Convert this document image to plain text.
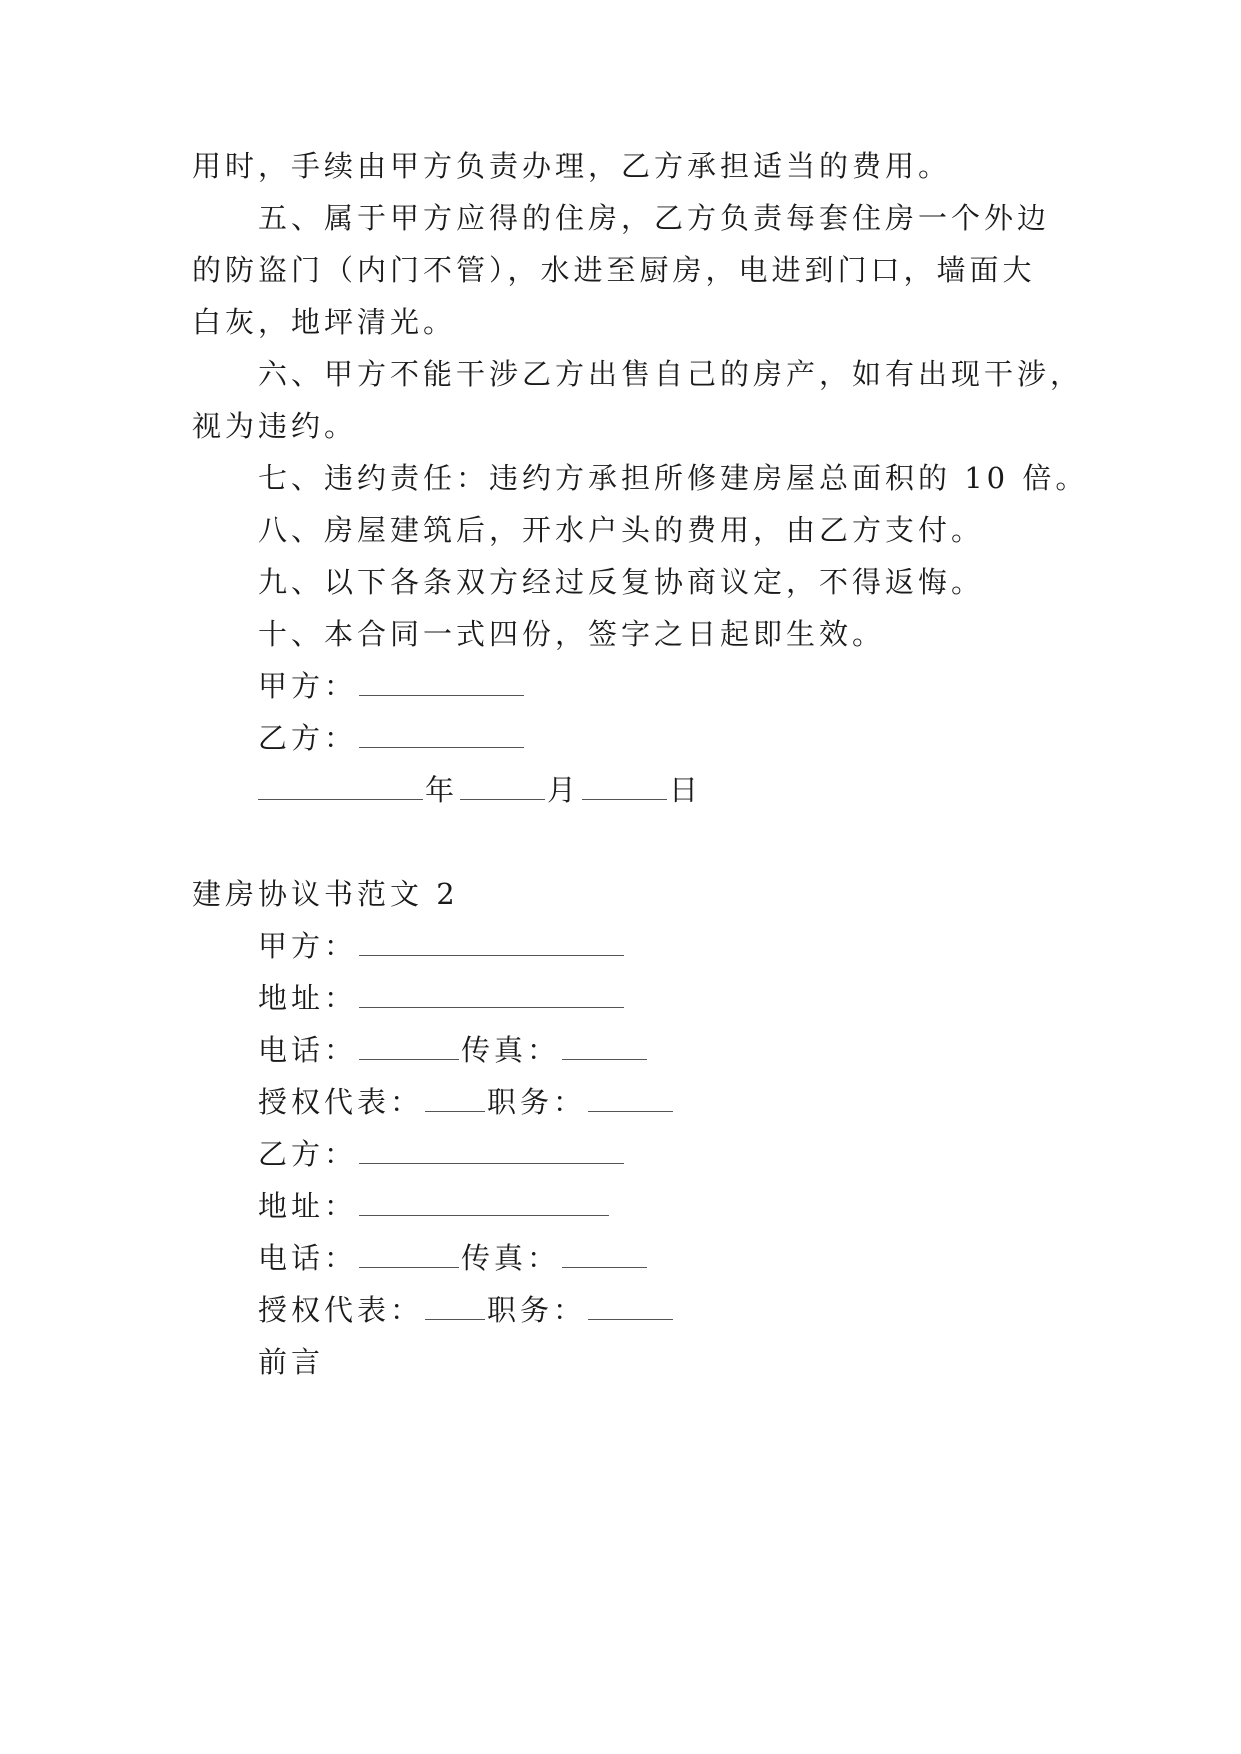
用时，手续由甲方负责办理，乙方承担适当的费用。
五、属于甲方应得的住房，乙方负责每套住房一个外边
的防盗门（内门不管），水进至厨房，电进到门口，墙面大
白灰，地坪清光。
六、甲方不能干涉乙方出售自己的房产，如有出现干涉，
视为违约。
七、违约责任：违约方承担所修建房屋总面积的 10 倍。
八、房屋建筑后，开水户头的费用，由乙方支付。
九、以下各条双方经过反复协商议定，不得返悔。
十、本合同一式四份，签字之日起即生效。
甲方：
乙方：
年	月	日
建房协议书范文 2
甲方：
地址：
电话：	传真：
授权代表： 职务：
乙方：
地址：
电话：	传真：
授权代表： 职务：
前言
